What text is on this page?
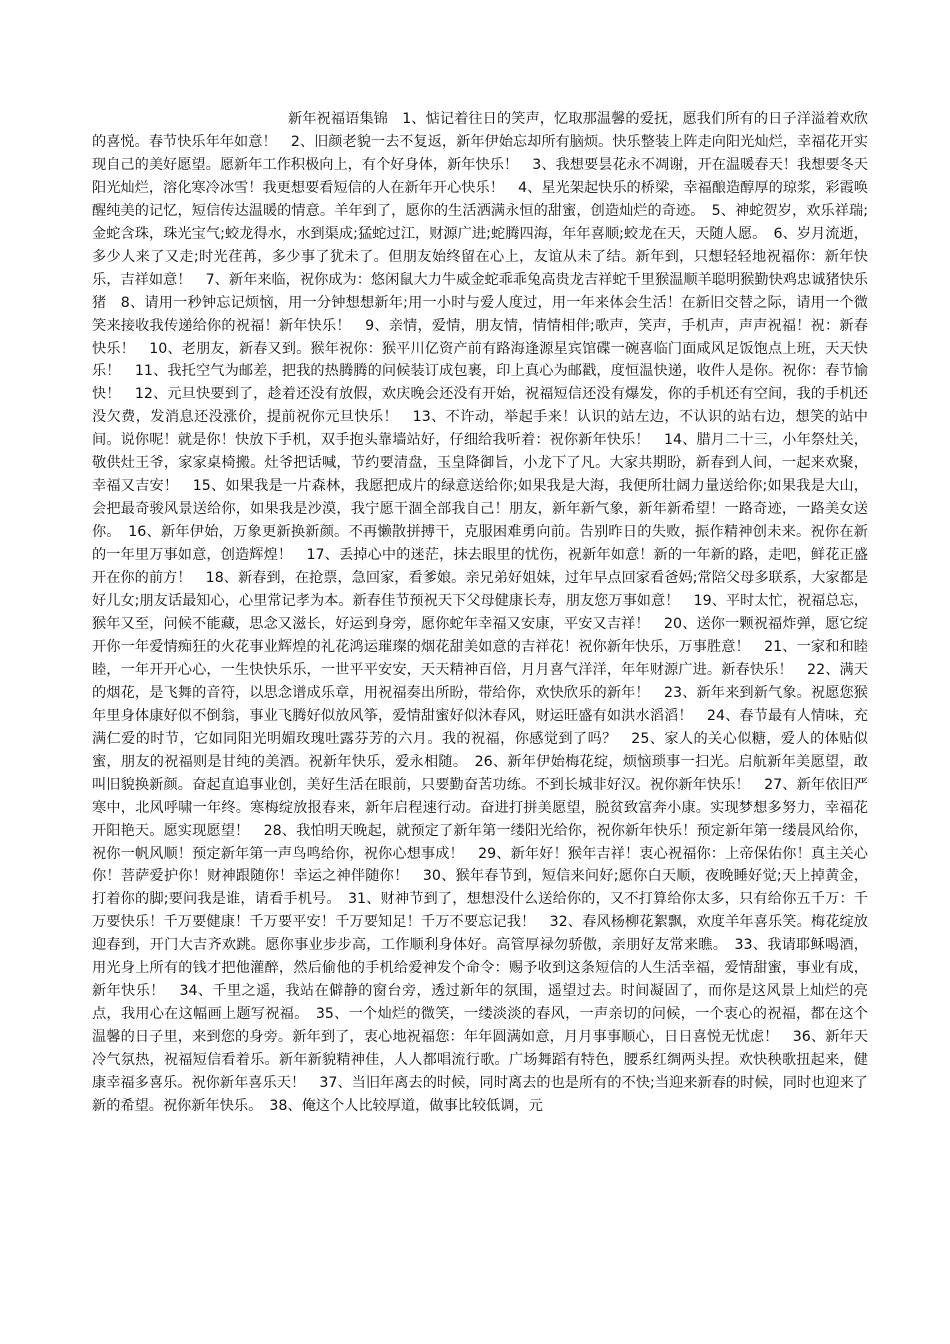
新年祝福语集锦　1、惦记着往日的笑声，忆取那温馨的爱抚，愿我们所有的日子洋溢着欢欣的喜悦。春节快乐年年如意！　2、旧颜老貌一去不复返，新年伊始忘却所有脑烦。快乐整装上阵走向阳光灿烂，幸福花开实现自己的美好愿望。愿新年工作积极向上，有个好身体，新年快乐！　3、我想要昙花永不凋谢，开在温暖春天！我想要冬天阳光灿烂，溶化寒冷冰雪！我更想要看短信的人在新年开心快乐！　4、星光架起快乐的桥梁，幸福酿造醇厚的琼浆，彩霞唤醒纯美的记忆，短信传达温暖的情意。羊年到了，愿你的生活洒满永恒的甜蜜，创造灿烂的奇迹。　5、神蛇贺岁，欢乐祥瑞;金蛇含珠，珠光宝气;蛟龙得水，水到渠成;猛蛇过江，财源广进;蛇腾四海，年年喜顺;蛟龙在天，天随人愿。　6、岁月流逝，多少人来了又走;时光荏苒，多少事了犹未了。但朋友始终留在心上，友谊从未了结。新年到，只想轻轻地祝福你：新年快乐，吉祥如意！　7、新年来临，祝你成为：悠闲鼠大力牛威金蛇乖乖兔高贵龙吉祥蛇千里猴温顺羊聪明猴勤快鸡忠诚猪快乐猪　8、请用一秒钟忘记烦恼，用一分钟想想新年;用一小时与爱人度过，用一年来体会生活！在新旧交替之际，请用一个微笑来接收我传递给你的祝福！新年快乐！　9、亲情，爱情，朋友情，情情相伴;歌声，笑声，手机声，声声祝福！祝：新春快乐！　10、老朋友，新春又到。猴年祝你：猴平川亿资产前有路海逢源星宾馆碟一碗喜临门面咸风足饭饱点上班，天天快乐！　11、我托空气为邮差，把我的热腾腾的问候装订成包裹，印上真心为邮戳，度恒温快递，收件人是你。祝你：春节愉快！　12、元旦快要到了，趁着还没有放假，欢庆晚会还没有开始，祝福短信还没有爆发，你的手机还有空间，我的手机还没欠费，发消息还没涨价，提前祝你元旦快乐！　13、不许动，举起手来！认识的站左边，不认识的站右边，想笑的站中间。说你呢！就是你！快放下手机，双手抱头靠墙站好，仔细给我听着：祝你新年快乐！　14、腊月二十三，小年祭灶关，敬供灶王爷，家家桌椅搬。灶爷把话喊，节约要清盘，玉皇降御旨，小龙下了凡。大家共期盼，新春到人间，一起来欢聚，幸福又吉安！　15、如果我是一片森林，我愿把成片的绿意送给你;如果我是大海，我便所壮阔力量送给你;如果我是大山，会把最奇骏风景送给你，如果我是沙漠，我宁愿干涸全部我自己！朋友，新年新气象，新年新希望！一路奇迹，一路美女送你。　16、新年伊始，万象更新换新颜。不再懒散拼搏干，克服困难勇向前。告别昨日的失败，振作精神创未来。祝你在新的一年里万事如意，创造辉煌！　17、丢掉心中的迷茫，抹去眼里的忧伤，祝新年如意！新的一年新的路，走吧，鲜花正盛开在你的前方！　18、新春到，在抢票，急回家，看爹娘。亲兄弟好姐妹，过年早点回家看爸妈;常陪父母多联系，大家都是好儿女;朋友话最知心，心里常记孝为本。新春佳节预祝天下父母健康长寿，朋友您万事如意！　19、平时太忙，祝福总忘，猴年又至，问候不能藏，思念又滋长，好运到身旁，愿你蛇年幸福又安康，平安又吉祥！　20、送你一颗祝福炸弹，愿它绽开你一年爱情痴狂的火花事业辉煌的礼花鸿运璀璨的烟花甜美如意的吉祥花！祝你新年快乐，万事胜意！　21、一家和和睦睦，一年开开心心，一生快快乐乐，一世平平安安，天天精神百倍，月月喜气洋洋，年年财源广进。新春快乐！　22、满天的烟花，是飞舞的音符，以思念谱成乐章，用祝福奏出所盼，带给你，欢快欣乐的新年！　23、新年来到新气象。祝愿您猴年里身体康好似不倒翁，事业飞腾好似放风筝，爱情甜蜜好似沐春风，财运旺盛有如洪水滔滔！　24、春节最有人情味，充满仁爱的时节，它如同阳光明媚玫瑰吐露芬芳的六月。我的祝福，你感觉到了吗？　25、家人的关心似糖，爱人的体贴似蜜，朋友的祝福则是甘纯的美酒。祝新年快乐，爱永相随。　26、新年伊始梅花绽，烦恼琐事一扫光。启航新年美愿望，敢叫旧貌换新颜。奋起直追事业创，美好生活在眼前，只要勤奋苦功练。不到长城非好汉。祝你新年快乐！　27、新年依旧严寒中，北风呼啸一年终。寒梅绽放报春来，新年启程速行动。奋进打拼美愿望，脱贫致富奔小康。实现梦想多努力，幸福花开阳艳天。愿实现愿望！　28、我怕明天晚起，就预定了新年第一缕阳光给你，祝你新年快乐！预定新年第一缕晨风给你，祝你一帆风顺！预定新年第一声鸟鸣给你，祝你心想事成！　29、新年好！猴年吉祥！衷心祝福你：上帝保佑你！真主关心你！菩萨爱护你！财神跟随你！幸运之神伴随你！　30、猴年春节到，短信来问好;愿你白天顺，夜晚睡好觉;天上掉黄金，打着你的脚;要问我是谁，请看手机号。　31、财神节到了，想想没什么送给你的，又不打算给你太多，只有给你五千万：千万要快乐！千万要健康！千万要平安！千万要知足！千万不要忘记我！　32、春风杨柳花絮飘，欢度羊年喜乐笑。梅花绽放迎春到，开门大吉齐欢跳。愿你事业步步高，工作顺利身体好。高管厚禄勿骄傲，亲朋好友常来瞧。　33、我请耶稣喝酒，用光身上所有的钱才把他灌醉，然后偷他的手机给爱神发个命令：赐予收到这条短信的人生活幸福，爱情甜蜜，事业有成，新年快乐！　34、千里之遥，我站在僻静的窗台旁，透过新年的氛围，遥望过去。时间凝固了，而你是这风景上灿烂的亮点，我用心在这幅画上题写祝福。　35、一个灿烂的微笑，一缕淡淡的春风，一声亲切的问候，一个衷心的祝福，都在这个温馨的日子里，来到您的身旁。新年到了，衷心地祝福您：年年圆满如意，月月事事顺心，日日喜悦无忧虑！　36、新年天冷气氛热，祝福短信看着乐。新年新貌精神佳，人人都唱流行歌。广场舞蹈有特色，腰系红绸两头捏。欢快秧歌扭起来，健康幸福多喜乐。祝你新年喜乐天！　37、当旧年离去的时候，同时离去的也是所有的不快;当迎来新春的时候，同时也迎来了新的希望。祝你新年快乐。　38、俺这个人比较厚道，做事比较低调，元
